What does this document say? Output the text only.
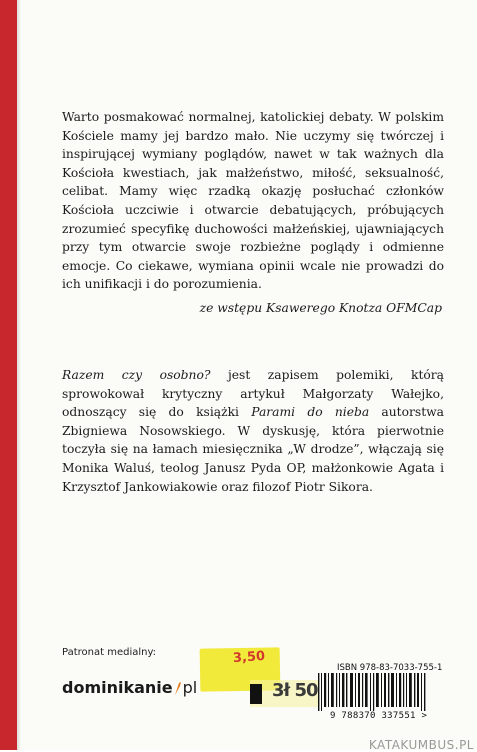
Warto posmakować normalnej, katolickiej debaty. W polskim Kościele mamy jej bardzo mało. Nie uczymy się twórczej i inspirującej wymiany poglądów, nawet w tak ważnych dla Kościoła kwestiach, jak małżeństwo, miłość, seksualność, celibat. Mamy więc rzadką okazję posłuchać członków Kościoła uczciwie i otwarcie debatujących, próbujących zrozumieć specyfikę duchowości małżeńskiej, ujawniających przy tym otwarcie swoje rozbieżne poglądy i odmienne emocje. Co ciekawe, wymiana opinii wcale nie prowadzi do ich unifikacji i do porozumienia.

ze wstępu Ksawerego Knotza OFMCap

Razem czy osobno? jest zapisem polemiki, którą sprowokował krytyczny artykuł Małgorzaty Wałejko, odnoszący się do książki Parami do nieba autorstwa Zbigniewa Nosowskiego. W dyskusję, która pierwotnie toczyła się na łamach miesięcznika „W drodze”, włączają się Monika Waluś, teolog Janusz Pyda OP, małżonkowie Agata i Krzysztof Jankowiakowie oraz filozof Piotr Sikora.

Patronat medialny:
dominikanie pl
3,50
3ł 50
ISBN 978-83-7033-755-1
9 788370 337551 >
KATAKUMBUS.PL
